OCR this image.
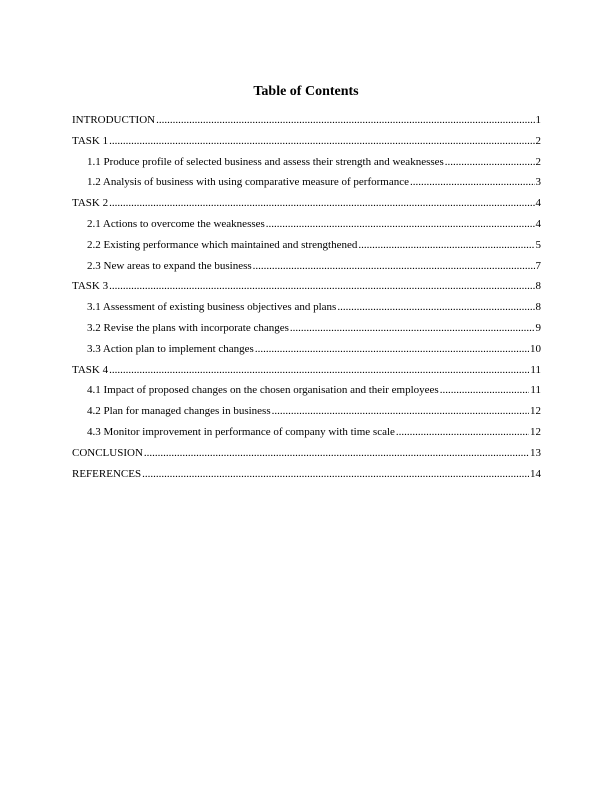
Table of Contents
INTRODUCTION .....	1
TASK 1 .....	2
1.1 Produce profile of selected business and assess their strength and weaknesses .....	2
1.2 Analysis of business with using comparative measure of performance .....	3
TASK 2 .....	4
2.1 Actions to overcome the weaknesses .....	4
2.2 Existing performance which maintained and strengthened .....	5
2.3 New areas to expand the business .....	7
TASK 3 .....	8
3.1 Assessment of existing business objectives and plans .....	8
3.2 Revise the plans with incorporate changes .....	9
3.3 Action plan to implement changes .....	10
TASK 4 .....	11
4.1 Impact of proposed changes on the chosen organisation and their employees .....	11
4.2 Plan for managed changes in business .....	12
4.3 Monitor improvement in performance of company with time scale .....	12
CONCLUSION .....	13
REFERENCES .....	14
